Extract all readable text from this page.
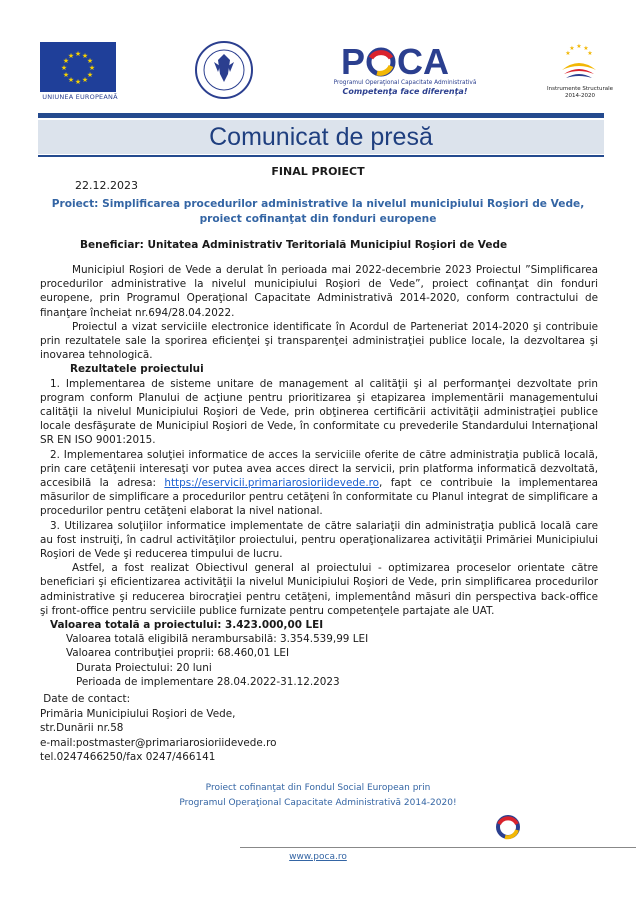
★ ★
★
★
★
★
★
★
★
★
★
★
UNIUNEA EUROPEANĂ
P CA
Programul Operaţional Capacitate Administrativă
Competenţa face diferenţa!
★ ★
★
★
★
Instrumente Structurale
2014-2020
Comunicat de presă
FINAL PROIECT
22.12.2023
Proiect: Simplificarea procedurilor administrative la nivelul municipiului Roşiori de Vede, proiect cofinanţat din fonduri europene
Beneficiar: Unitatea Administrativ Teritorială Municipiul Roşiori de Vede

Municipiul Roşiori de Vede a derulat în perioada mai 2022-decembrie 2023 Proiectul ”Simplificarea procedurilor administrative la nivelul municipiului Roşiori de Vede”, proiect cofinanţat din fonduri europene, prin Programul Operaţional Capacitate Administrativă 2014-2020, conform contractului de finanţare încheiat nr.694/28.04.2022.

Proiectul a vizat serviciile electronice identificate în Acordul de Parteneriat 2014-2020 şi contribuie prin rezultatele sale la sporirea eficienţei şi transparenţei administraţiei publice locale, la dezvoltarea şi inovarea tehnologică.

Rezultatele proiectului

1. Implementarea de sisteme unitare de management al calităţii şi al performanţei dezvoltate prin program conform Planului de acţiune pentru prioritizarea şi etapizarea implementării managementului calităţii la nivelul Municipiului Roşiori de Vede, prin obţinerea certificării activităţii administraţiei publice locale desfăşurate de Municipiul Roşiori de Vede, în conformitate cu prevederile Standardului Internaţional SR EN ISO 9001:2015.

2. Implementarea soluţiei informatice de acces la serviciile oferite de către administraţia publică locală, prin care cetăţenii interesaţi vor putea avea acces direct la servicii, prin platforma informatică dezvoltată, accesibilă la adresa: https://eservicii.primariarosioriidevede.ro, fapt ce contribuie la implementarea măsurilor de simplificare a procedurilor pentru cetăţeni în conformitate cu Planul integrat de simplificare a procedurilor pentru cetăţeni elaborat la nivel national.

3. Utilizarea soluţiilor informatice implementate de către salariaţii din administraţia publică locală care au fost instruiţi, în cadrul activităţilor proiectului, pentru operaţionalizarea activităţii Primăriei Municipiului Roşiori de Vede şi reducerea timpului de lucru.

Astfel, a fost realizat Obiectivul general al proiectului - optimizarea proceselor orientate către beneficiari şi eficientizarea activităţii la nivelul Municipiului Roşiori de Vede, prin simplificarea procedurilor administrative şi reducerea birocraţiei pentru cetăţeni, implementând măsuri din perspectiva back-office şi front-office pentru serviciile publice furnizate pentru competenţele partajate ale UAT.

Valoarea totală a proiectului: 3.423.000,00 LEI

Valoarea totală eligibilă nerambursabilă: 3.354.539,99 LEI

Valoarea contribuţiei proprii: 68.460,01 LEI

Durata Proiectului: 20 luni

Perioada de implementare 28.04.2022-31.12.2023

Date de contact:

Primăria Municipiului Roşiori de Vede,

str.Dunării nr.58

e-mail:postmaster@primariarosioriidevede.ro

tel.0247466250/fax 0247/466141

Proiect cofinanţat din Fondul Social European prin
Programul Operaţional Capacitate Administrativă 2014-2020!
www.poca.ro
